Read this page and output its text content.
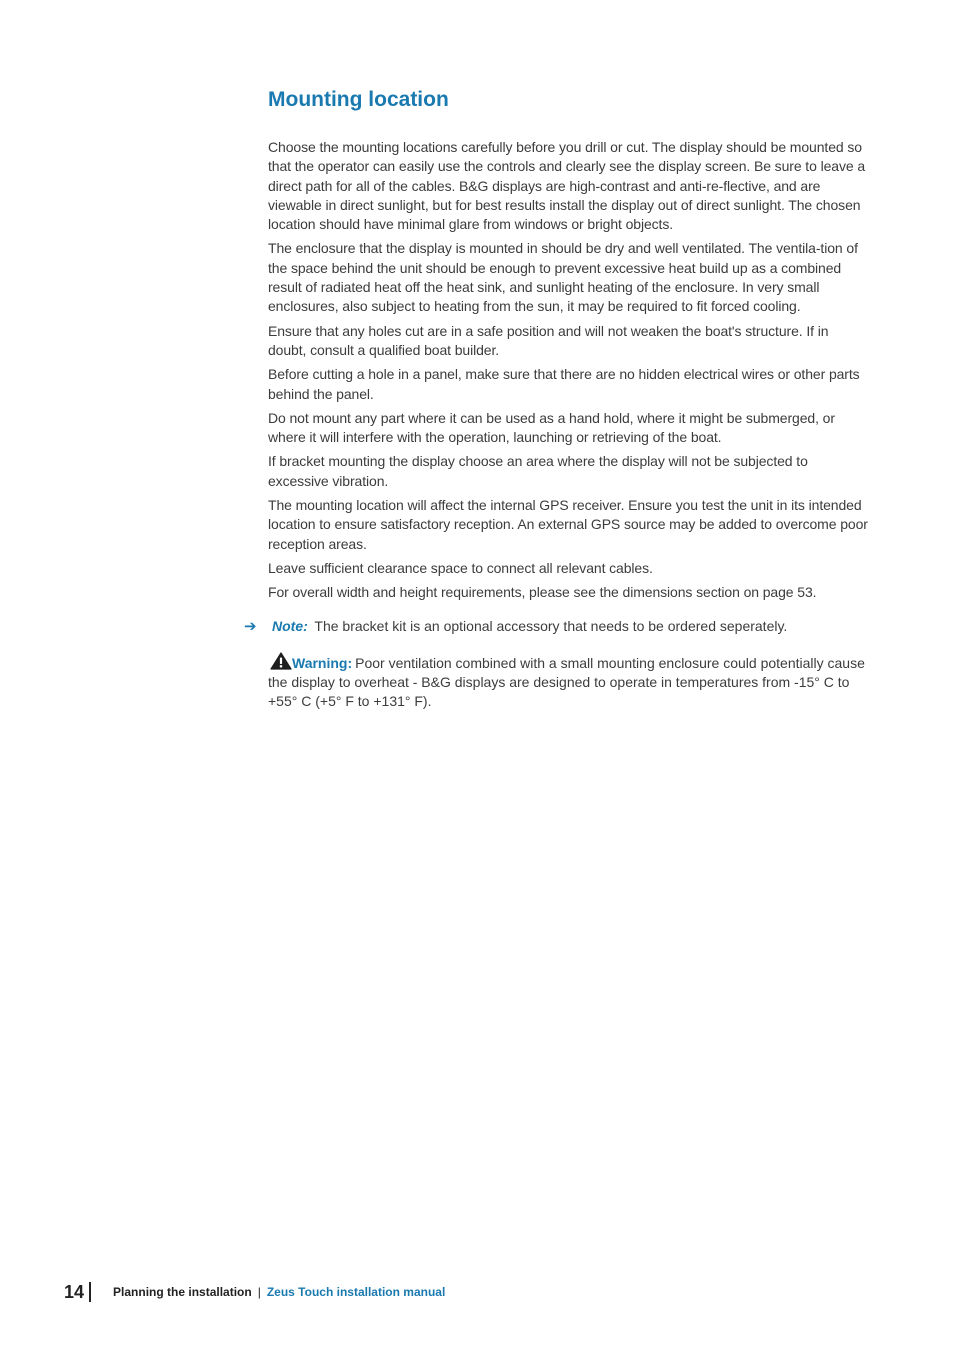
Mounting location

Choose the mounting locations carefully before you drill or cut. The display should be mounted so that the operator can easily use the controls and clearly see the display screen. Be sure to leave a direct path for all of the cables. B&G displays are high-contrast and anti-re-flective, and are viewable in direct sunlight, but for best results install the display out of direct sunlight. The chosen location should have minimal glare from windows or bright objects.

The enclosure that the display is mounted in should be dry and well ventilated. The ventila-tion of the space behind the unit should be enough to prevent excessive heat build up as a combined result of radiated heat off the heat sink, and sunlight heating of the enclosure. In very small enclosures, also subject to heating from the sun, it may be required to fit forced cooling.

Ensure that any holes cut are in a safe position and will not weaken the boat's structure. If in doubt, consult a qualified boat builder.

Before cutting a hole in a panel, make sure that there are no hidden electrical wires or other parts behind the panel.

Do not mount any part where it can be used as a hand hold, where it might be submerged, or where it will interfere with the operation, launching or retrieving of the boat.

If bracket mounting the display choose an area where the display will not be subjected to excessive vibration.

The mounting location will affect the internal GPS receiver. Ensure you test the unit in its intended location to ensure satisfactory reception. An external GPS source may be added to overcome poor reception areas.

Leave sufficient clearance space to connect all relevant cables.

For overall width and height requirements, please see the dimensions section on page 53.

➔ Note: The bracket kit is an optional accessory that needs to be ordered seperately.
Warning: Poor ventilation combined with a small mounting enclosure could potentially cause the display to overheat - B&G displays are designed to operate in temperatures from -15° C to +55° C (+5° F to +131° F).
14 Planning the installation | Zeus Touch installation manual
